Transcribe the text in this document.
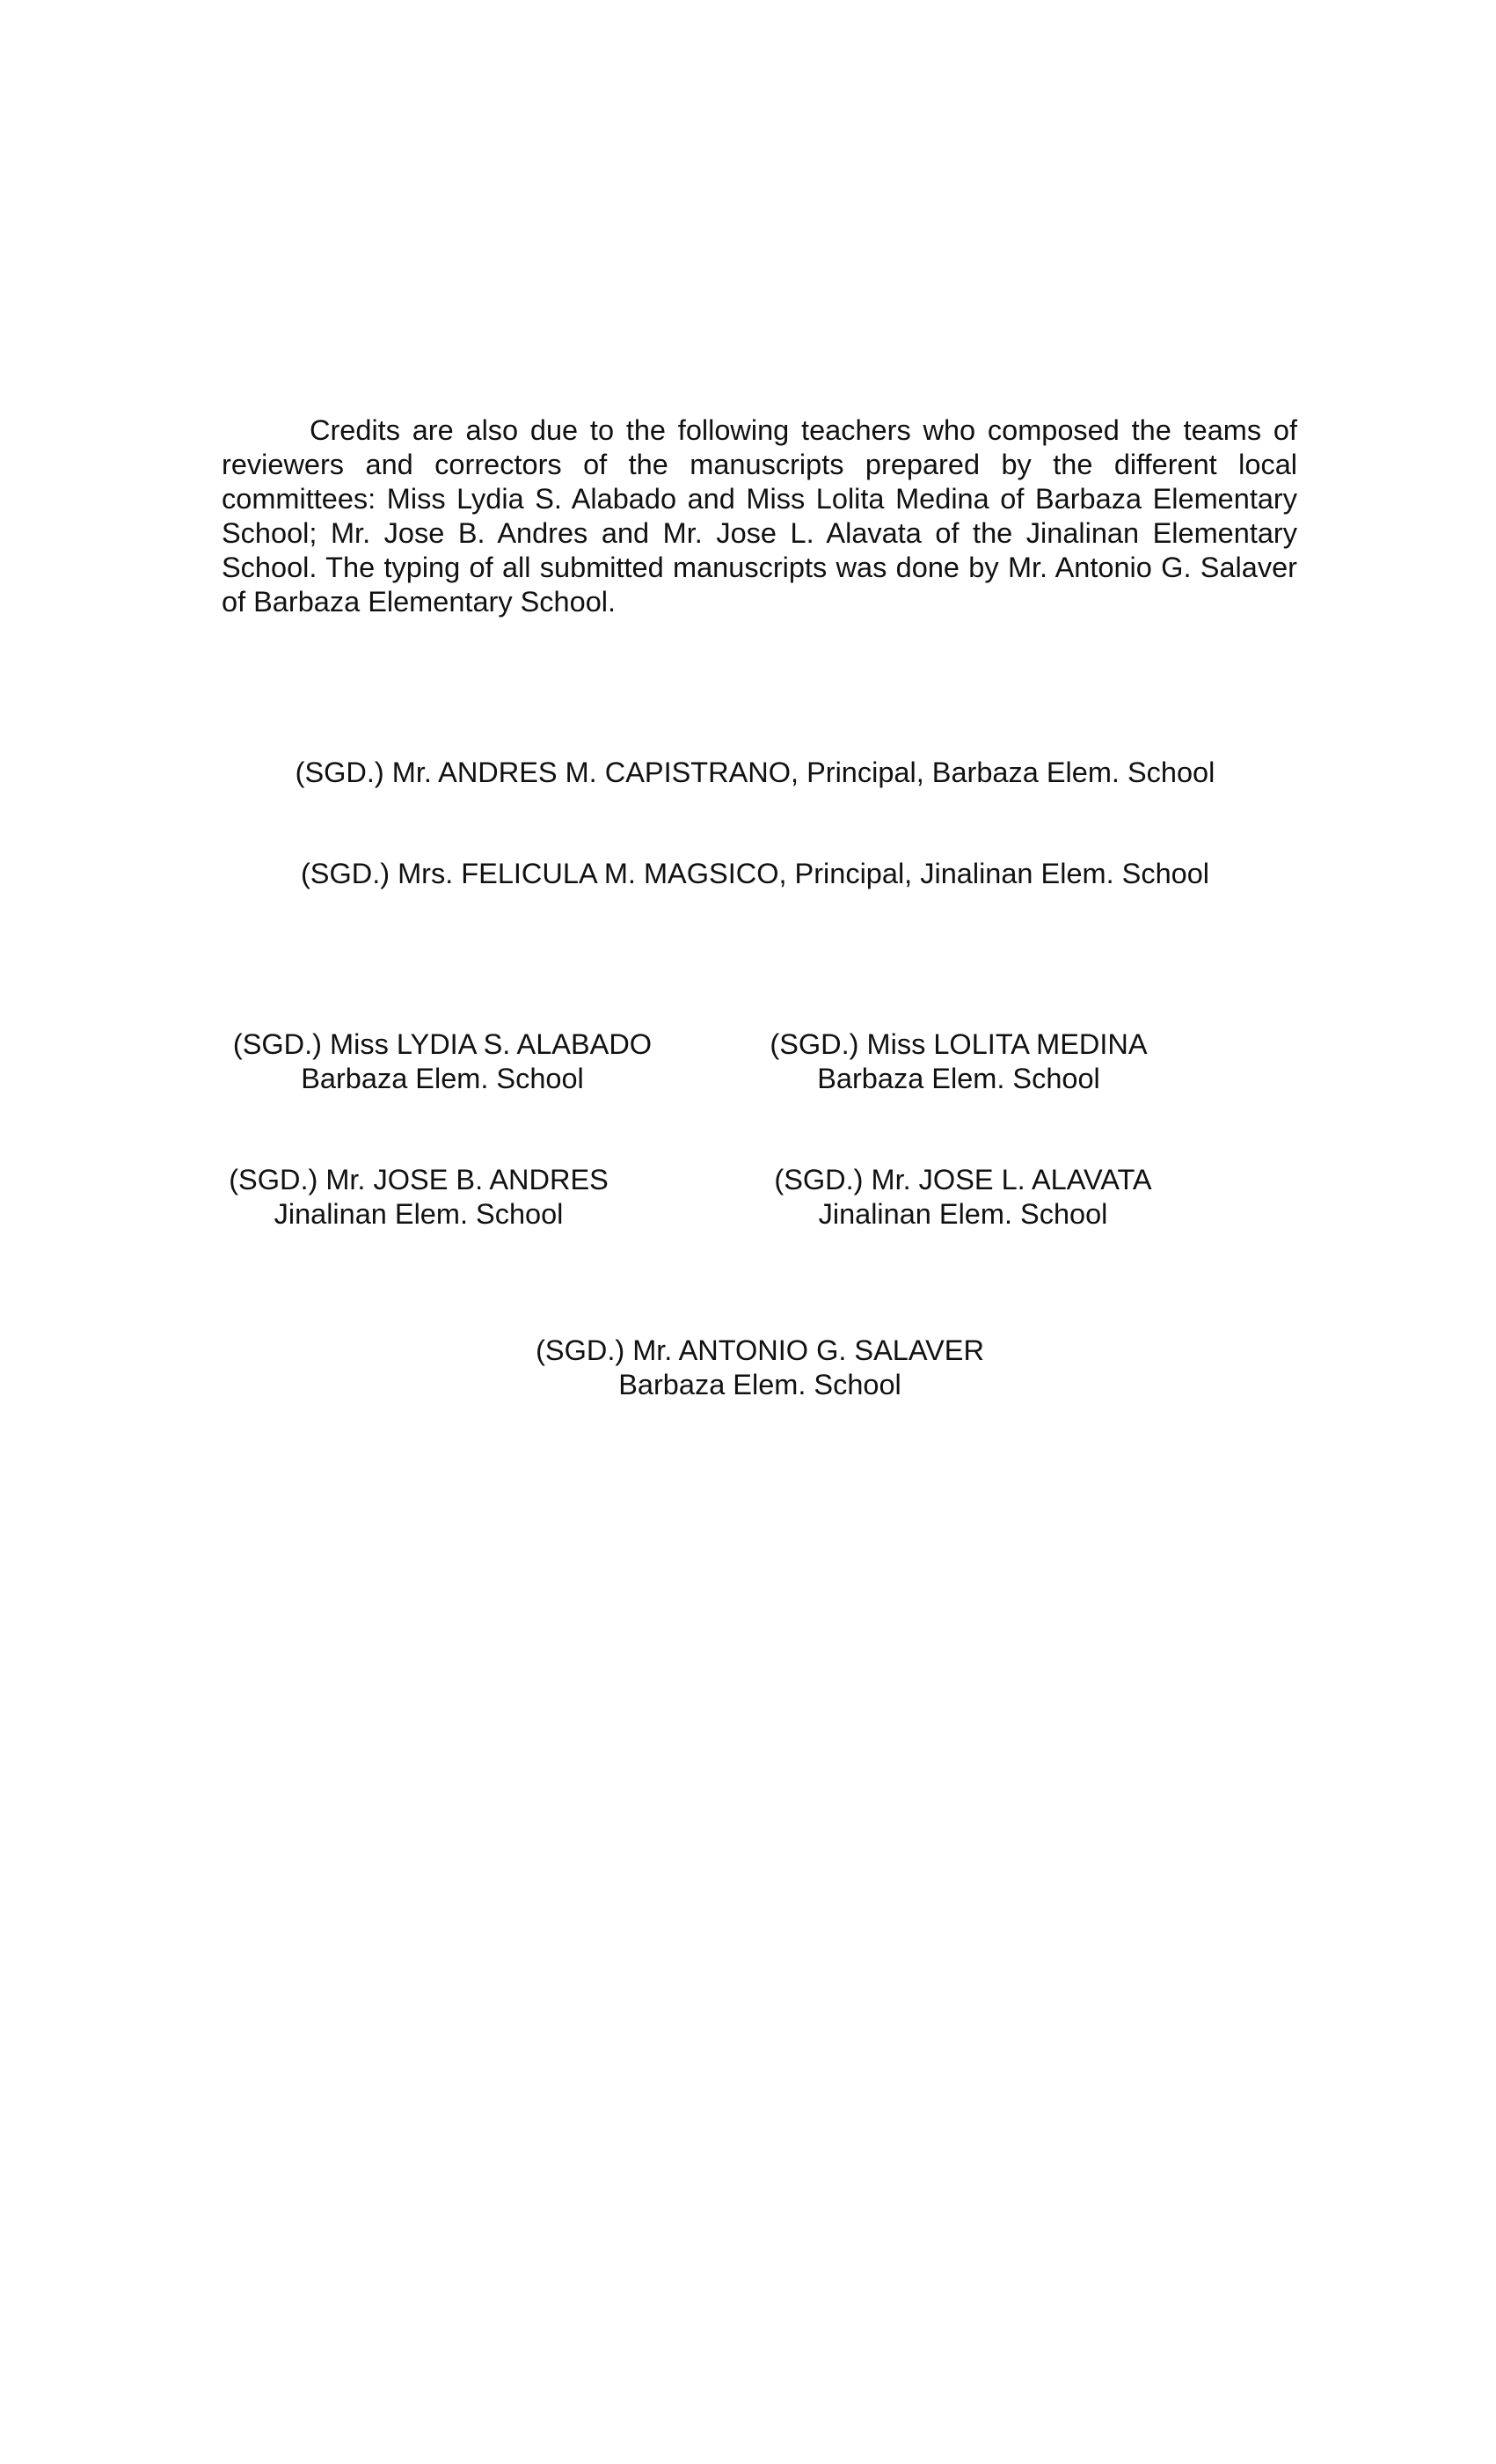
Credits are also due to the following teachers who composed the teams of reviewers and correctors of the manuscripts prepared by the different local committees: Miss Lydia S. Alabado and Miss Lolita Medina of Barbaza Elementary School; Mr. Jose B. Andres and Mr. Jose L. Alavata of the Jinalinan Elementary School. The typing of all submitted manuscripts was done by Mr. Antonio G. Salaver of Barbaza Elementary School.

(SGD.) Mr. ANDRES M. CAPISTRANO, Principal, Barbaza Elem. School
(SGD.) Mrs. FELICULA M. MAGSICO, Principal, Jinalinan Elem. School
(SGD.) Miss LYDIA S. ALABADO
Barbaza Elem. School
(SGD.) Miss LOLITA MEDINA
Barbaza Elem. School
(SGD.) Mr. JOSE B. ANDRES
Jinalinan Elem. School
(SGD.) Mr. JOSE L. ALAVATA
Jinalinan Elem. School
(SGD.) Mr. ANTONIO G. SALAVER
Barbaza Elem. School
